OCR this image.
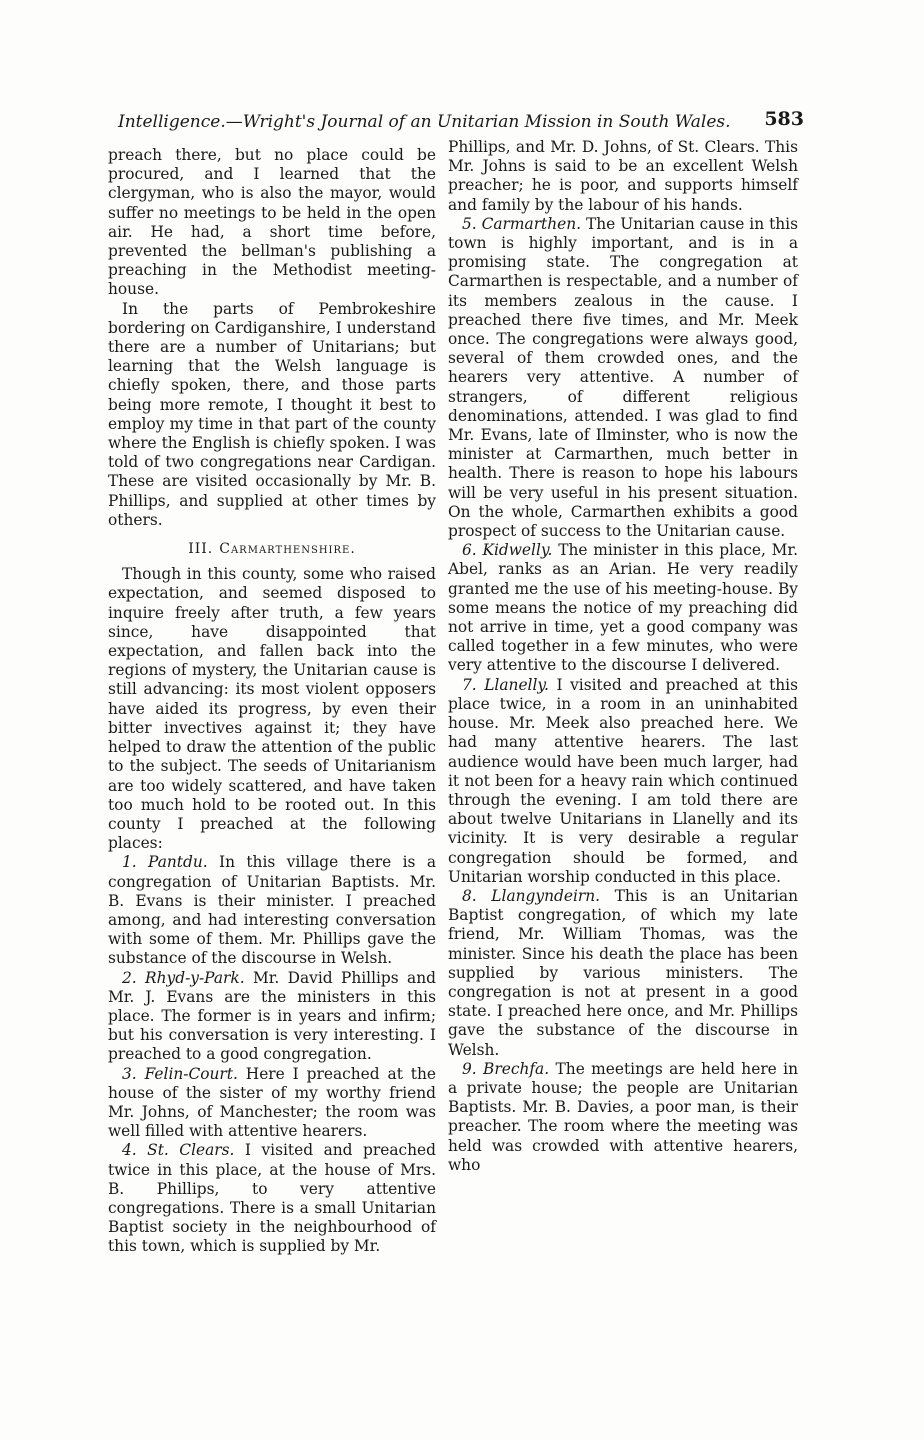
Intelligence.—Wright's Journal of an Unitarian Mission in South Wales. 583

preach there, but no place could be procured, and I learned that the clergyman, who is also the mayor, would suffer no meetings to be held in the open air. He had, a short time before, prevented the bellman's publishing a preaching in the Methodist meeting-house.

In the parts of Pembrokeshire bordering on Cardiganshire, I understand there are a number of Unitarians; but learning that the Welsh language is chiefly spoken, there, and those parts being more remote, I thought it best to employ my time in that part of the county where the English is chiefly spoken. I was told of two congregations near Cardigan. These are visited occasionally by Mr. B. Phillips, and supplied at other times by others.

III. Carmarthenshire.

Though in this county, some who raised expectation, and seemed disposed to inquire freely after truth, a few years since, have disappointed that expectation, and fallen back into the regions of mystery, the Unitarian cause is still advancing: its most violent opposers have aided its progress, by even their bitter invectives against it; they have helped to draw the attention of the public to the subject. The seeds of Unitarianism are too widely scattered, and have taken too much hold to be rooted out. In this county I preached at the following places:

1. Pantdu. In this village there is a congregation of Unitarian Baptists. Mr. B. Evans is their minister. I preached among, and had interesting conversation with some of them. Mr. Phillips gave the substance of the discourse in Welsh.

2. Rhyd-y-Park. Mr. David Phillips and Mr. J. Evans are the ministers in this place. The former is in years and infirm; but his conversation is very interesting. I preached to a good congregation.

3. Felin-Court. Here I preached at the house of the sister of my worthy friend Mr. Johns, of Manchester; the room was well filled with attentive hearers.

4. St. Clears. I visited and preached twice in this place, at the house of Mrs. B. Phillips, to very attentive congregations. There is a small Unitarian Baptist society in the neighbourhood of this town, which is supplied by Mr.

Phillips, and Mr. D. Johns, of St. Clears. This Mr. Johns is said to be an excellent Welsh preacher; he is poor, and supports himself and family by the labour of his hands.

5. Carmarthen. The Unitarian cause in this town is highly important, and is in a promising state. The congregation at Carmarthen is respectable, and a number of its members zealous in the cause. I preached there five times, and Mr. Meek once. The congregations were always good, several of them crowded ones, and the hearers very attentive. A number of strangers, of different religious denominations, attended. I was glad to find Mr. Evans, late of Ilminster, who is now the minister at Carmarthen, much better in health. There is reason to hope his labours will be very useful in his present situation. On the whole, Carmarthen exhibits a good prospect of success to the Unitarian cause.

6. Kidwelly. The minister in this place, Mr. Abel, ranks as an Arian. He very readily granted me the use of his meeting-house. By some means the notice of my preaching did not arrive in time, yet a good company was called together in a few minutes, who were very attentive to the discourse I delivered.

7. Llanelly. I visited and preached at this place twice, in a room in an uninhabited house. Mr. Meek also preached here. We had many attentive hearers. The last audience would have been much larger, had it not been for a heavy rain which continued through the evening. I am told there are about twelve Unitarians in Llanelly and its vicinity. It is very desirable a regular congregation should be formed, and Unitarian worship conducted in this place.

8. Llangyndeirn. This is an Unitarian Baptist congregation, of which my late friend, Mr. William Thomas, was the minister. Since his death the place has been supplied by various ministers. The congregation is not at present in a good state. I preached here once, and Mr. Phillips gave the substance of the discourse in Welsh.

9. Brechfa. The meetings are held here in a private house; the people are Unitarian Baptists. Mr. B. Davies, a poor man, is their preacher. The room where the meeting was held was crowded with attentive hearers, who
